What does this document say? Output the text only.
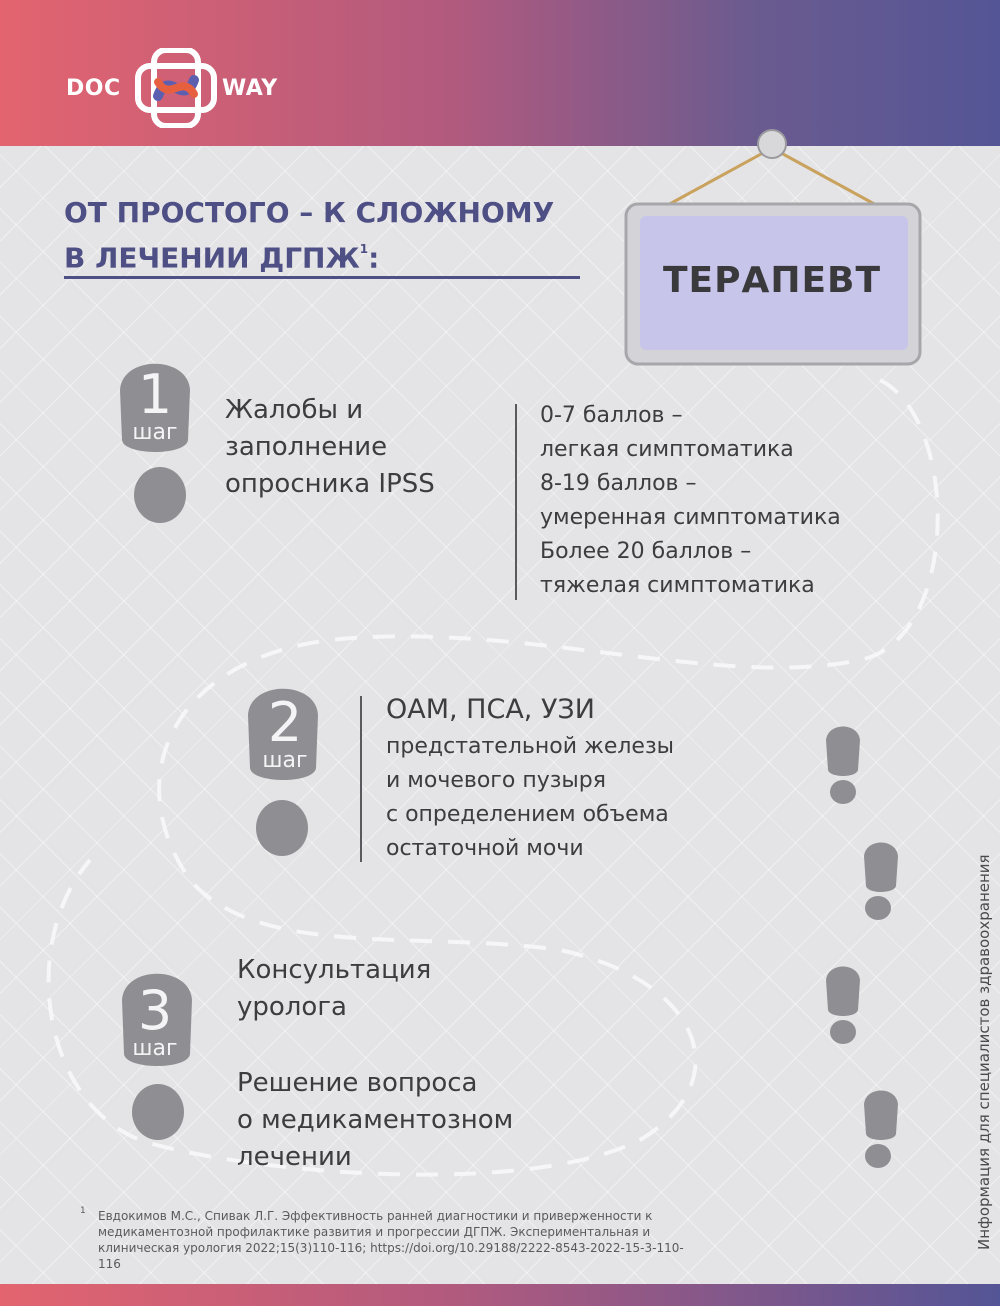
DOC	WAY
ОТ ПРОСТОГО – К СЛОЖНОМУ
В ЛЕЧЕНИИ ДГПЖ$^1$:
ТЕРАПЕВТ
1
шаг
Жалобы и
заполнение
опросника IPSS
0-7 баллов –
легкая симптоматика
8-19 баллов –
умеренная симптоматика
Более 20 баллов –
тяжелая симптоматика
2
шаг
ОАМ, ПСА, УЗИ
предстательной железы
и мочевого пузыря
с определением объема
остаточной мочи
3
шаг
Консультация
уролога
Решение вопроса
о медикаментозном
лечении
1 Евдокимов М.С., Спивак Л.Г. Эффективность ранней диагностики и приверженности к медикаментозной профилактике развития и прогрессии ДГПЖ. Экспериментальная и клиническая урология 2022;15(3)110-116; https://doi.org/10.29188/2222-8543-2022-15-3-110-116
Информация для специалистов здравоохранения
